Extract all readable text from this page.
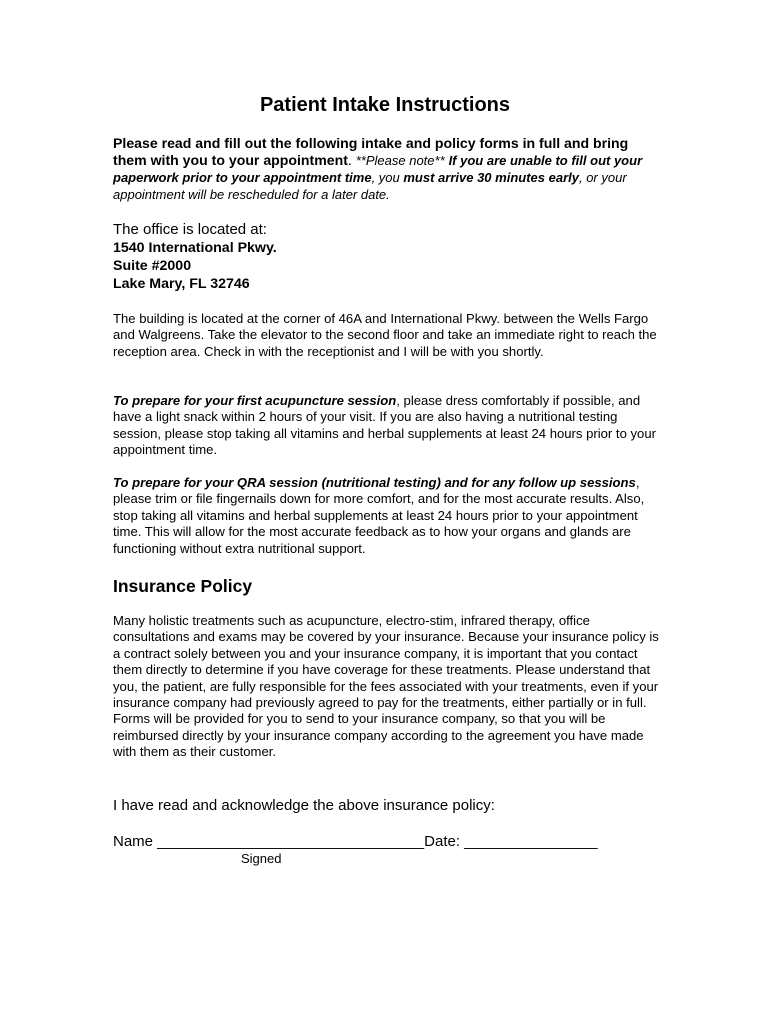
Patient Intake Instructions

Please read and fill out the following intake and policy forms in full and bring them with you to your appointment. **Please note** If you are unable to fill out your paperwork prior to your appointment time, you must arrive 30 minutes early, or your appointment will be rescheduled for a later date.

The office is located at:
1540 International Pkwy.
Suite #2000
Lake Mary, FL 32746

The building is located at the corner of 46A and International Pkwy. between the Wells Fargo and Walgreens. Take the elevator to the second floor and take an immediate right to reach the reception area. Check in with the receptionist and I will be with you shortly.

To prepare for your first acupuncture session, please dress comfortably if possible, and have a light snack within 2 hours of your visit. If you are also having a nutritional testing session, please stop taking all vitamins and herbal supplements at least 24 hours prior to your appointment time.

To prepare for your QRA session (nutritional testing) and for any follow up sessions, please trim or file fingernails down for more comfort, and for the most accurate results. Also, stop taking all vitamins and herbal supplements at least 24 hours prior to your appointment time. This will allow for the most accurate feedback as to how your organs and glands are functioning without extra nutritional support.

Insurance Policy

Many holistic treatments such as acupuncture, electro-stim, infrared therapy, office consultations and exams may be covered by your insurance. Because your insurance policy is a contract solely between you and your insurance company, it is important that you contact them directly to determine if you have coverage for these treatments. Please understand that you, the patient, are fully responsible for the fees associated with your treatments, even if your insurance company had previously agreed to pay for the treatments, either partially or in full. Forms will be provided for you to send to your insurance company, so that you will be reimbursed directly by your insurance company according to the agreement you have made with them as their customer.

I have read and acknowledge the above insurance policy:

Name ________________________________Date: ________________

Signed
